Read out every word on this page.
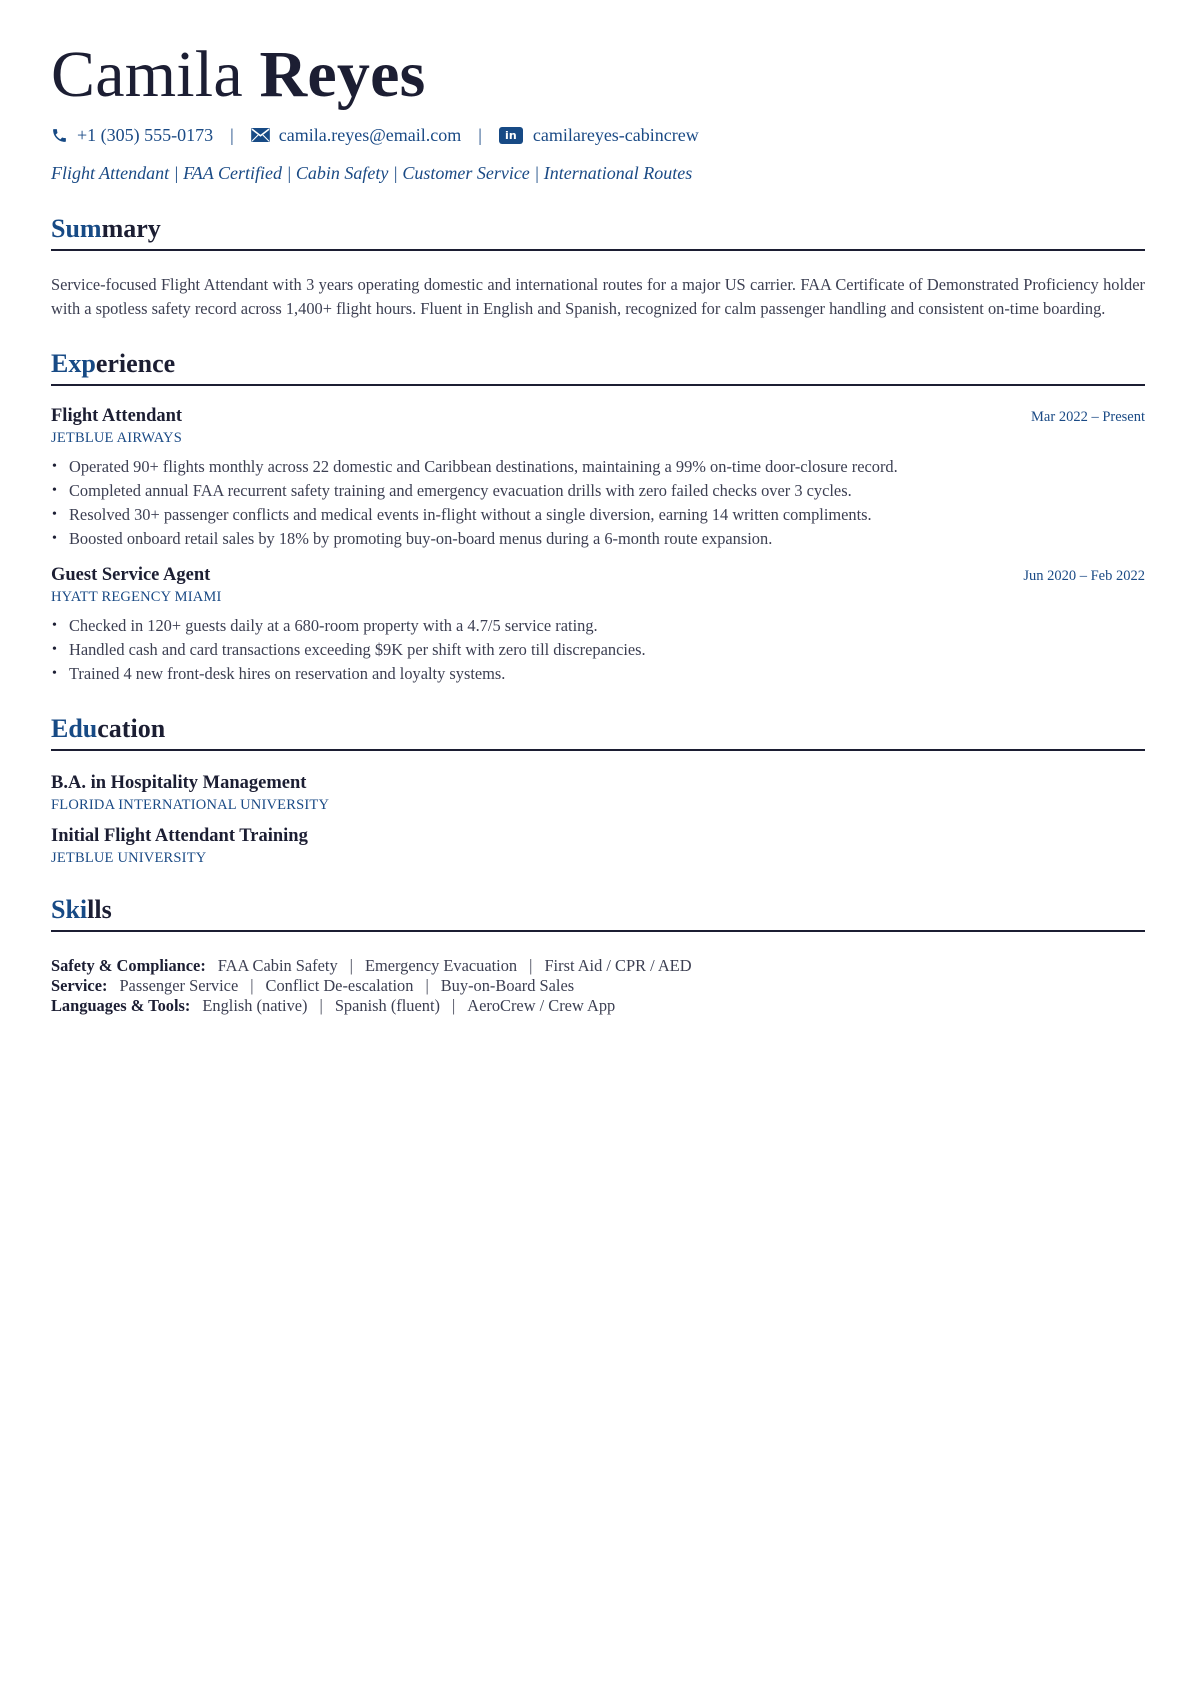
Camila Reyes
+1 (305) 555-0173 |	camila.reyes@email.com |	in camilareyes-cabincrew
Flight Attendant | FAA Certified | Cabin Safety | Customer Service | International Routes
Summary
Service-focused Flight Attendant with 3 years operating domestic and international routes for a major US carrier. FAA Certificate of Demonstrated Proficiency holder with a spotless safety record across 1,400+ flight hours. Fluent in English and Spanish, recognized for calm passenger handling and consistent on-time boarding.
Experience
Flight Attendant	Mar 2022 – Present
JETBLUE AIRWAYS
• Operated 90+ flights monthly across 22 domestic and Caribbean destinations, maintaining a 99% on-time door-closure record.
• Completed annual FAA recurrent safety training and emergency evacuation drills with zero failed checks over 3 cycles.
• Resolved 30+ passenger conflicts and medical events in-flight without a single diversion, earning 14 written compliments.
• Boosted onboard retail sales by 18% by promoting buy-on-board menus during a 6-month route expansion.
Guest Service Agent	Jun 2020 – Feb 2022
HYATT REGENCY MIAMI
• Checked in 120+ guests daily at a 680-room property with a 4.7/5 service rating.
• Handled cash and card transactions exceeding $9K per shift with zero till discrepancies.
• Trained 4 new front-desk hires on reservation and loyalty systems.
Education
B.A. in Hospitality Management
FLORIDA INTERNATIONAL UNIVERSITY
Initial Flight Attendant Training
JETBLUE UNIVERSITY
Skills
Safety & Compliance: FAA Cabin Safety | Emergency Evacuation | First Aid / CPR / AED
Service: Passenger Service | Conflict De-escalation | Buy-on-Board Sales
Languages & Tools: English (native) | Spanish (fluent) | AeroCrew / Crew App
